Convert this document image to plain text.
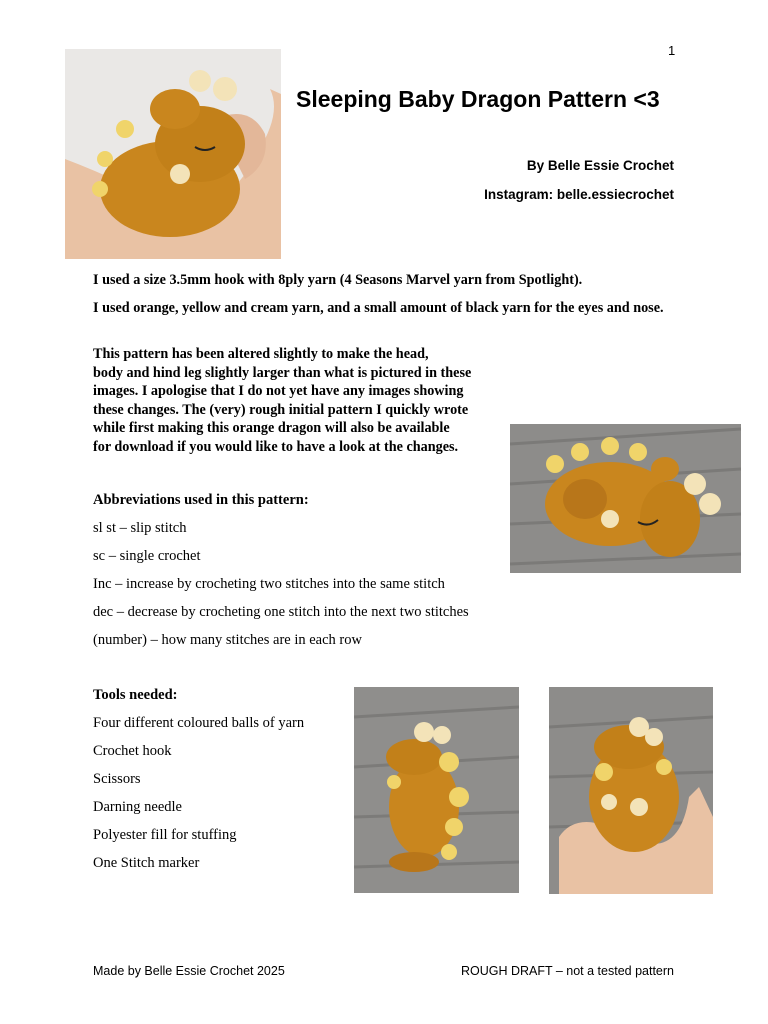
1
Sleeping Baby Dragon Pattern <3
By Belle Essie Crochet
Instagram: belle.essiecrochet
I used a size 3.5mm hook with 8ply yarn (4 Seasons Marvel yarn from Spotlight).
I used orange, yellow and cream yarn, and a small amount of black yarn for the eyes and nose.
This pattern has been altered slightly to make the head,
body and hind leg slightly larger than what is pictured in these
images. I apologise that I do not yet have any images showing
these changes. The (very) rough initial pattern I quickly wrote
while first making this orange dragon will also be available
for download if you would like to have a look at the changes.
Abbreviations used in this pattern:
sl st – slip stitch
sc – single crochet
Inc – increase by crocheting two stitches into the same stitch
dec – decrease by crocheting one stitch into the next two stitches
(number) – how many stitches are in each row
Tools needed:
Four different coloured balls of yarn
Crochet hook
Scissors
Darning needle
Polyester fill for stuffing
One Stitch marker
Made by Belle Essie Crochet 2025	ROUGH DRAFT – not a tested pattern
